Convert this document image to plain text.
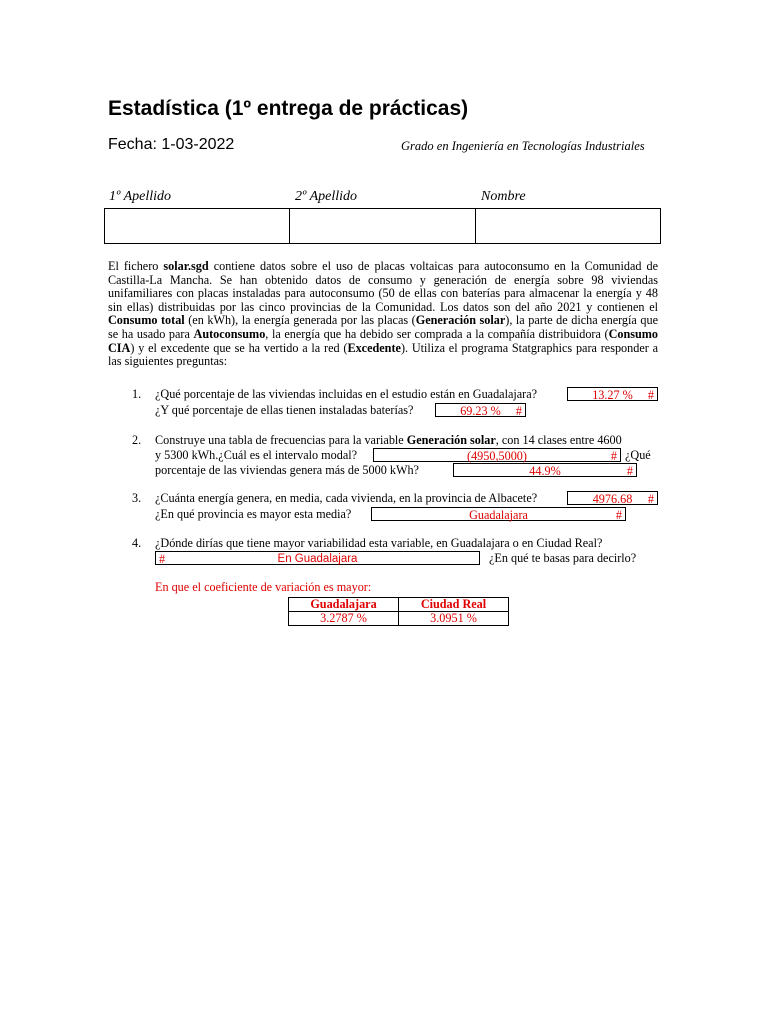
Estadística (1º entrega de prácticas)
Fecha: 1-03-2022	Grado en Ingeniería en Tecnologías Industriales
1º Apellido	2º Apellido	Nombre
El fichero solar.sgd contiene datos sobre el uso de placas voltaicas para autoconsumo en la Comunidad de Castilla-La Mancha. Se han obtenido datos de consumo y generación de energía sobre 98 viviendas unifamiliares con placas instaladas para autoconsumo (50 de ellas con baterías para almacenar la energía y 48 sin ellas) distribuidas por las cinco provincias de la Comunidad. Los datos son del año 2021 y contienen el Consumo total (en kWh), la energía generada por las placas (Generación solar), la parte de dicha energía que se ha usado para Autoconsumo, la energía que ha debido ser comprada a la compañía distribuidora (Consumo CIA) y el excedente que se ha vertido a la red (Excedente). Utiliza el programa Statgraphics para responder a las siguientes preguntas:
1. ¿Qué porcentaje de las viviendas incluidas en el estudio están en Guadalajara?	13.27 %	#
¿Y qué porcentaje de ellas tienen instaladas baterías?	69.23 %	#
2. Construye una tabla de frecuencias para la variable Generación solar, con 14 clases entre 4600
y 5300 kWh.¿Cuál es el intervalo modal?	(4950,5000)	# ¿Qué
porcentaje de las viviendas genera más de 5000 kWh?	44.9%	#
3. ¿Cuánta energía genera, en media, cada vivienda, en la provincia de Albacete?	4976.68	#
¿En qué provincia es mayor esta media?	Guadalajara	#
4. ¿Dónde dirías que tiene mayor variabilidad esta variable, en Guadalajara o en Ciudad Real?
#	En Guadalajara	¿En qué te basas para decirlo?
En que el coeficiente de variación es mayor:
Guadalajara	Ciudad Real
3.2787 %	3.0951 %
